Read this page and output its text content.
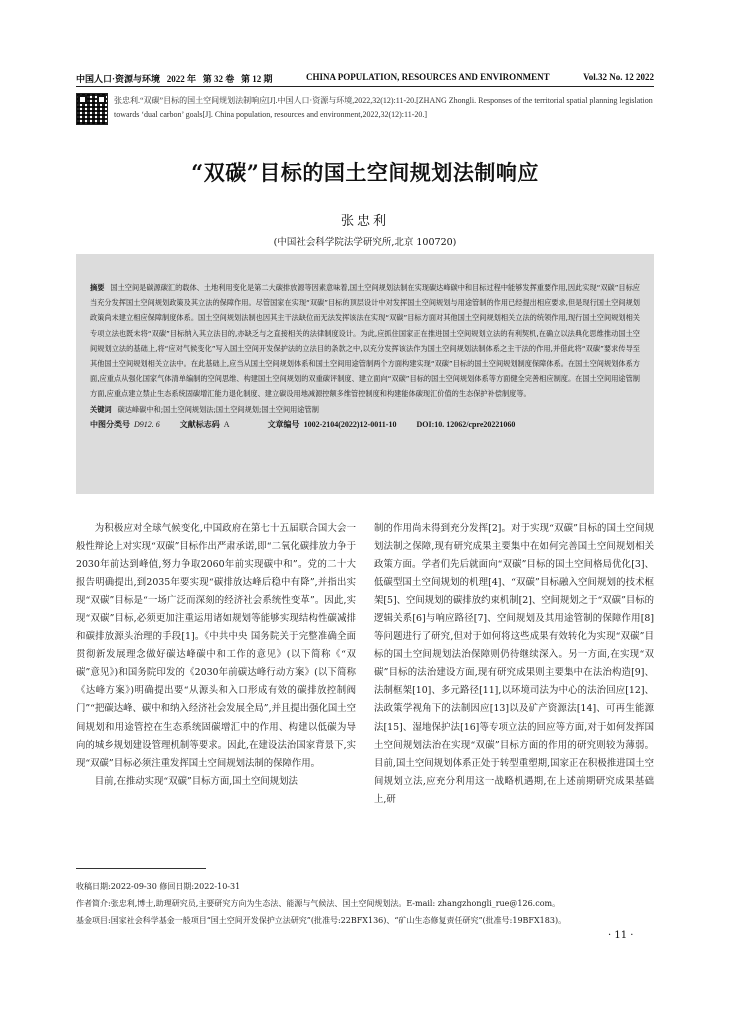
中国人口·资源与环境 2022 年 第 32 卷 第 12 期	CHINA POPULATION, RESOURCES AND ENVIRONMENT	Vol.32 No. 12 2022
张忠利.“双碳”目标的国土空间规划法制响应[J].中国人口·资源与环境,2022,32(12):11-20.[ZHANG Zhongli. Responses of the territorial spatial planning legislation towards ‘dual carbon’ goals[J]. China population, resources and environment,2022,32(12):11-20.]
“双碳”目标的国土空间规划法制响应
张忠利
(中国社会科学院法学研究所,北京 100720)
摘要 国土空间是碳源碳汇的载体、土地利用变化是第二大碳排放源等因素意味着,国土空间规划法制在实现碳达峰碳中和目标过程中能够发挥重要作用,因此实现“双碳”目标应当充分发挥国土空间规划政策及其立法的保障作用。尽管国家在实现“双碳”目标的顶层设计中对发挥国土空间规划与用途管制的作用已经提出相应要求,但是现行国土空间规划政策尚未建立相应保障制度体系。国土空间规划法制也因其主干法缺位而无法发挥该法在实现“双碳”目标方面对其他国土空间规划相关立法的统领作用,现行国土空间规划相关专项立法也既未将“双碳”目标纳入其立法目的,亦缺乏与之直接相关的法律制度设计。为此,应抓住国家正在推进国土空间规划立法的有利契机,在确立以法典化思维推动国土空间规划立法的基础上,将“应对气候变化”写入国土空间开发保护法的立法目的条款之中,以充分发挥该法作为国土空间规划法制体系之主干法的作用,并借此将“双碳”要求传导至其他国土空间规划相关立法中。在此基础上,应当从国土空间规划体系和国土空间用途管制两个方面构建实现“双碳”目标的国土空间规划制度保障体系。在国土空间规划体系方面,应重点从强化国家气体清单编制的空间思维、构建国土空间规划的双重碳评制度、建立面向“双碳”目标的国土空间规划体系等方面健全完善相应制度。在国土空间用途管制方面,应重点建立禁止生态系统固碳增汇能力退化制度、建立碳设用地减源控额多维管控制度和构建能体碳现汇价值的生态保护补偿制度等。
关键词 碳达峰碳中和;国土空间规划法;国土空间规划;国土空间用途管制
中图分类号 D912. 6	文献标志码 A	文章编号 1002-2104(2022)12-0011-10	DOI:10. 12062/cpre20221060

为积极应对全球气候变化,中国政府在第七十五届联合国大会一般性辩论上对实现“双碳”目标作出严肃承诺,即“二氧化碳排放力争于2030年前达到峰值,努力争取2060年前实现碳中和”。党的二十大报告明确提出,到2035年要实现“碳排放达峰后稳中有降”,并指出实现“双碳”目标是“一场广泛而深刻的经济社会系统性变革”。因此,实现“双碳”目标,必须更加注重运用诸如规划等能够实现结构性碳减排和碳排放源头治理的手段[1]。《中共中央 国务院关于完整准确全面贯彻新发展理念做好碳达峰碳中和工作的意见》(以下简称《“双碳”意见》)和国务院印发的《2030年前碳达峰行动方案》(以下简称《达峰方案》)明确提出要“从源头和入口形成有效的碳排放控制阀门”“把碳达峰、碳中和纳入经济社会发展全局”,并且提出强化国土空间规划和用途管控在生态系统固碳增汇中的作用、构建以低碳为导向的城乡规划建设管理机制等要求。因此,在建设法治国家背景下,实现“双碳”目标必须注重发挥国土空间规划法制的保障作用。

目前,在推动实现“双碳”目标方面,国土空间规划法

制的作用尚未得到充分发挥[2]。对于实现“双碳”目标的国土空间规划法制之保障,现有研究成果主要集中在如何完善国土空间规划相关政策方面。学者们先后就面向“双碳”目标的国土空间格局优化[3]、低碳型国土空间规划的机理[4]、“双碳”目标融入空间规划的技术框架[5]、空间规划的碳排放约束机制[2]、空间规划之于“双碳”目标的逻辑关系[6]与响应路径[7]、空间规划及其用途管制的保障作用[8]等问题进行了研究,但对于如何将这些成果有效转化为实现“双碳”目标的国土空间规划法治保障则仍待继续深入。另一方面,在实现“双碳”目标的法治建设方面,现有研究成果则主要集中在法治构造[9]、法制框架[10]、多元路径[11],以环境司法为中心的法治回应[12]、法政策学视角下的法制因应[13]以及矿产资源法[14]、可再生能源法[15]、湿地保护法[16]等专项立法的回应等方面,对于如何发挥国土空间规划法治在实现“双碳”目标方面的作用的研究则较为薄弱。目前,国土空间规划体系正处于转型重塑期,国家正在积极推进国土空间规划立法,应充分利用这一战略机遇期,在上述前期研究成果基础上,研

收稿日期:2022-09-30 修回日期:2022-10-31
作者简介:张忠利,博士,助理研究员,主要研究方向为生态法、能源与气候法、国土空间规划法。E-mail: zhangzhongli_rue@126.com。
基金项目:国家社会科学基金一般项目“国土空间开发保护立法研究”(批准号:22BFX136)、“矿山生态修复责任研究”(批准号:19BFX183)。
· 11 ·
